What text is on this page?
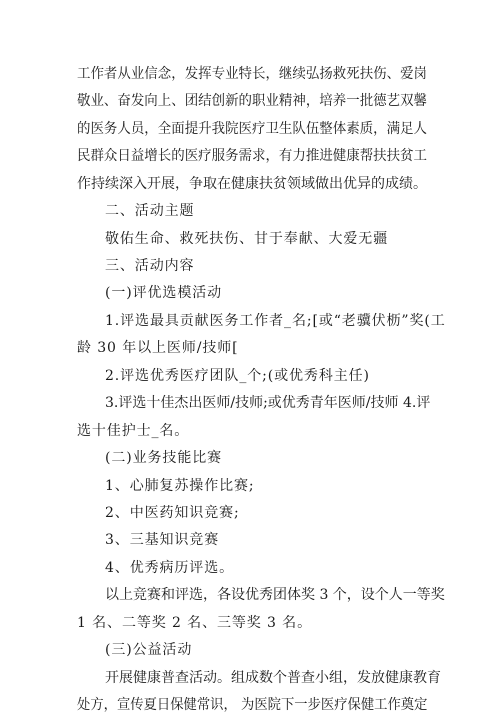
工作者从业信念，发挥专业特长，继续弘扬救死扶伤、爱岗
敬业、奋发向上、团结创新的职业精神，培养一批德艺双馨
的医务人员，全面提升我院医疗卫生队伍整体素质，满足人
民群众日益增长的医疗服务需求，有力推进健康帮扶扶贫工
作持续深入开展，争取在健康扶贫领域做出优异的成绩。
二、活动主题
敬佑生命、救死扶伤、甘于奉献、大爱无疆
三、活动内容
(一)评优选模活动
1.评选最具贡献医务工作者_名;[或“老骥伏枥”奖(工
龄 30 年以上医师/技师[
2.评选优秀医疗团队_个;(或优秀科主任)
3.评选十佳杰出医师/技师;或优秀青年医师/技师 4.评
选十佳护士_名。
(二)业务技能比赛
1、心肺复苏操作比赛;
2、中医药知识竞赛;
3、三基知识竞赛
4、优秀病历评选。
以上竞赛和评选，各设优秀团体奖 3 个，设个人一等奖
1 名、二等奖 2 名、三等奖 3 名。
(三)公益活动
开展健康普查活动。组成数个普查小组，发放健康教育
处方，宣传夏日保健常识， 为医院下一步医疗保健工作奠定
